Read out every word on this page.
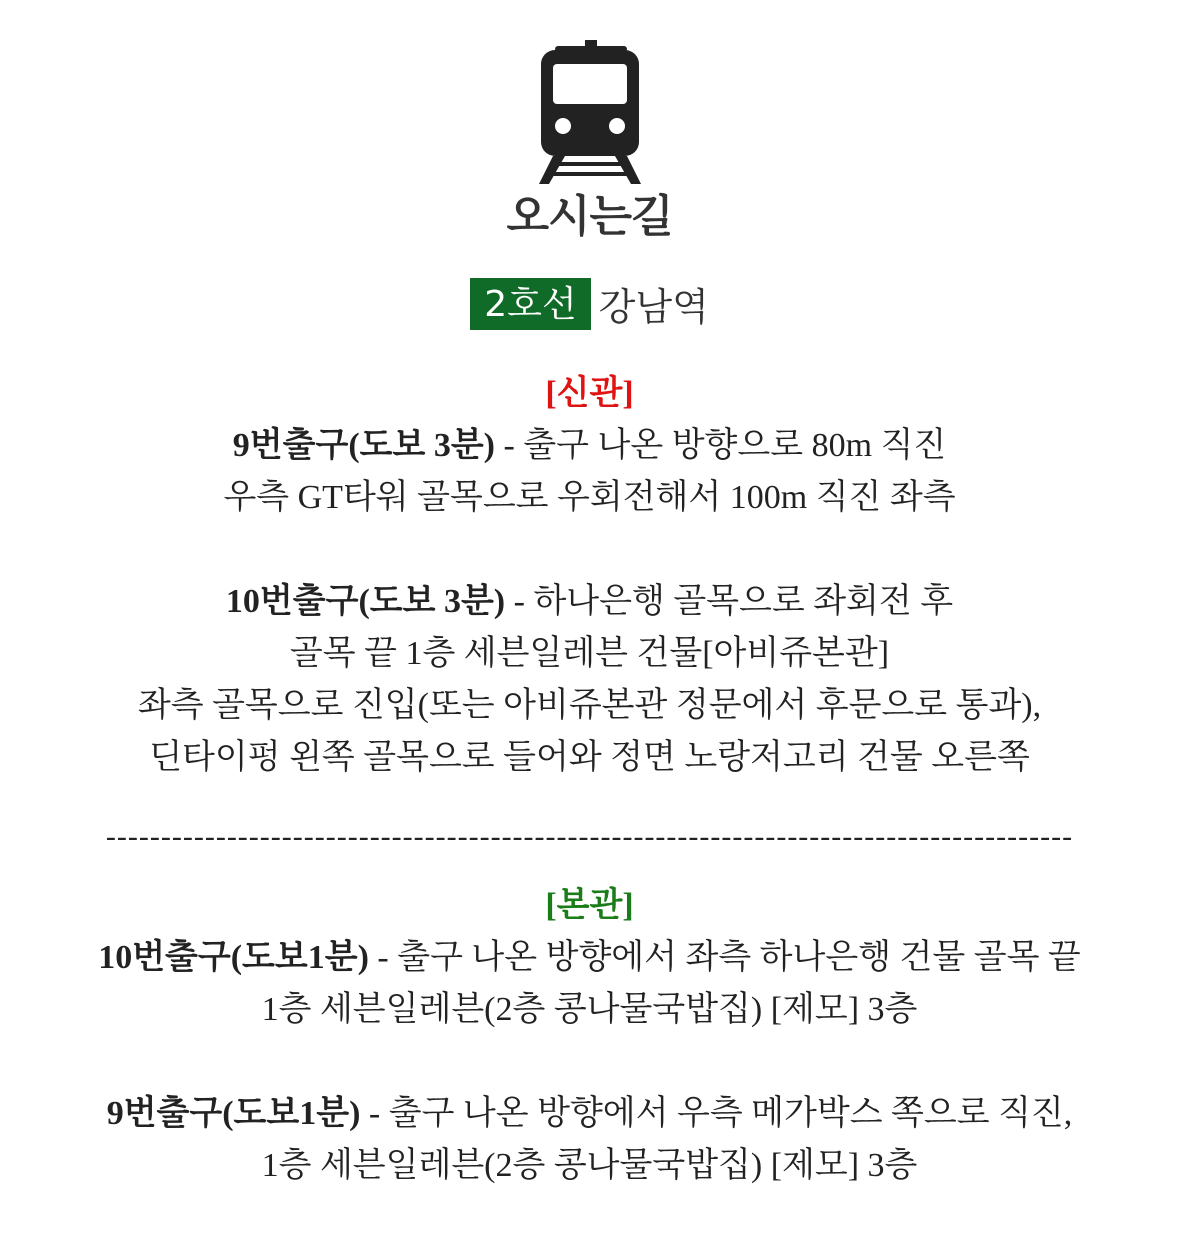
오시는길
2호선 강남역
[신관]
9번출구(도보 3분) - 출구 나온 방향으로 80m 직진
우측 GT타워 골목으로 우회전해서 100m 직진 좌측
10번출구(도보 3분) - 하나은행 골목으로 좌회전 후
골목 끝 1층 세븐일레븐 건물[아비쥬본관]
좌측 골목으로 진입(또는 아비쥬본관 정문에서 후문으로 통과),
딘타이펑 왼쪽 골목으로 들어와 정면 노랑저고리 건물 오른쪽
----------------------------------------------------------------------------------------
[본관]
10번출구(도보1분) - 출구 나온 방향에서 좌측 하나은행 건물 골목 끝
1층 세븐일레븐(2층 콩나물국밥집) [제모] 3층
9번출구(도보1분) - 출구 나온 방향에서 우측 메가박스 쪽으로 직진,
1층 세븐일레븐(2층 콩나물국밥집) [제모] 3층
